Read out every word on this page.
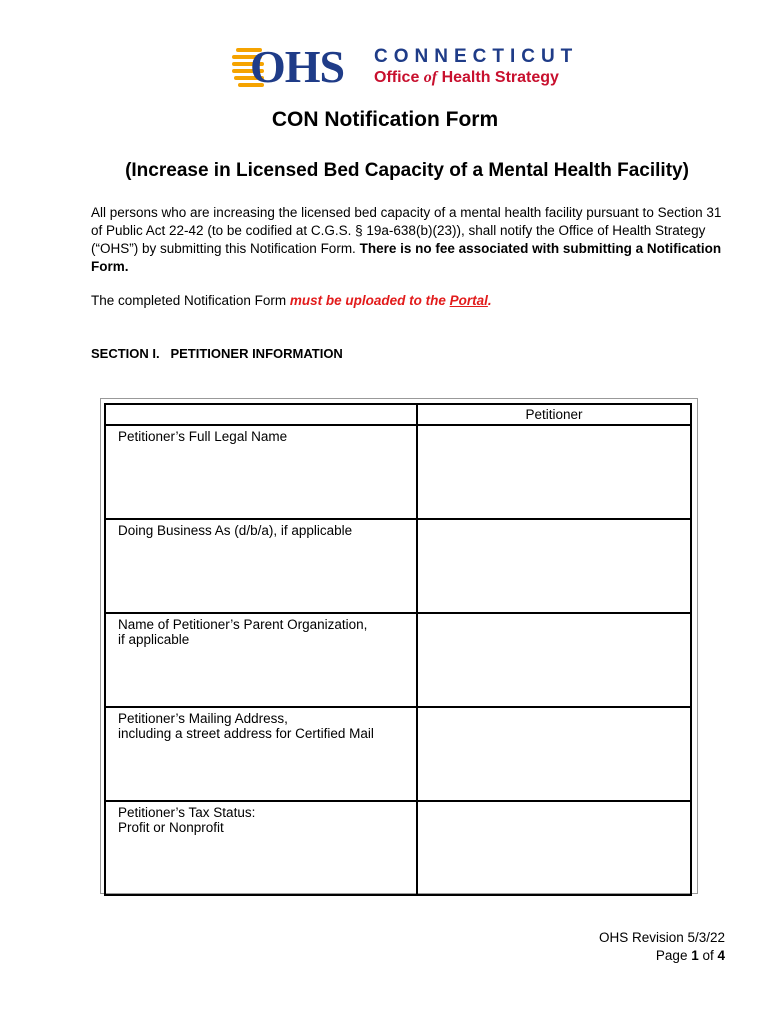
OHS CONNECTICUT
Office of Health Strategy
CON Notification Form
(Increase in Licensed Bed Capacity of a Mental Health Facility)
All persons who are increasing the licensed bed capacity of a mental health facility pursuant to Section 31 of Public Act 22-42 (to be codified at C.G.S. § 19a-638(b)(23)), shall notify the Office of Health Strategy (“OHS”) by submitting this Notification Form. There is no fee associated with submitting a Notification Form.
The completed Notification Form must be uploaded to the Portal.
SECTION I.   PETITIONER INFORMATION
	Petitioner

Petitioner’s Full Legal Name	

Doing Business As (d/b/a), if applicable	

Name of Petitioner’s Parent Organization,
if applicable	

Petitioner’s Mailing Address,
including a street address for Certified Mail	

Petitioner’s Tax Status:
Profit or Nonprofit	

OHS Revision 5/3/22
Page 1 of 4
